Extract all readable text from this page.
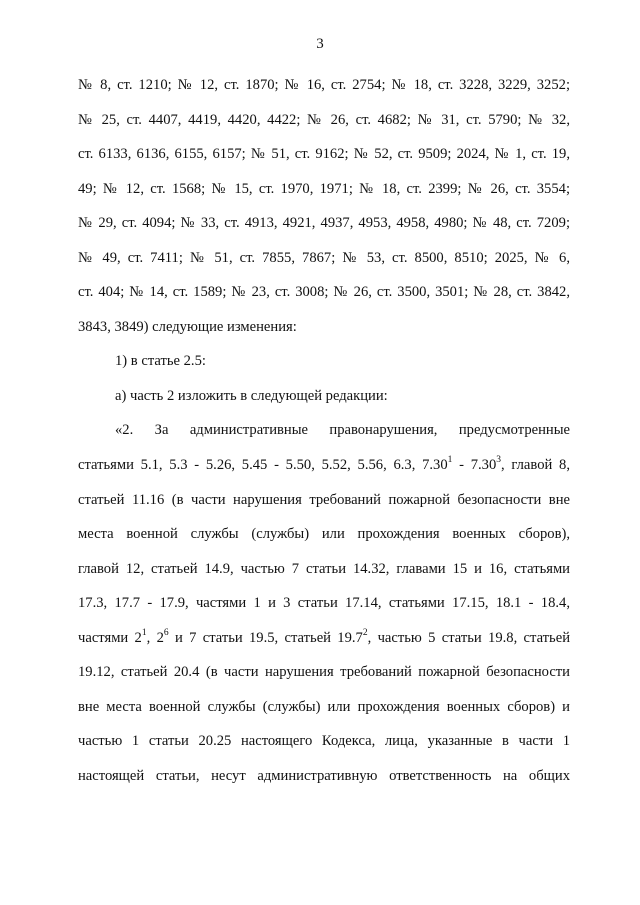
3
№ 8, ст. 1210; № 12, ст. 1870; № 16, ст. 2754; № 18, ст. 3228, 3229, 3252;
№ 25, ст. 4407, 4419, 4420, 4422; № 26, ст. 4682; № 31, ст. 5790; № 32,
ст. 6133, 6136, 6155, 6157; № 51, ст. 9162; № 52, ст. 9509; 2024, № 1, ст. 19,
49; № 12, ст. 1568; № 15, ст. 1970, 1971; № 18, ст. 2399; № 26, ст. 3554;
№ 29, ст. 4094; № 33, ст. 4913, 4921, 4937, 4953, 4958, 4980; № 48, ст. 7209;
№ 49, ст. 7411; № 51, ст. 7855, 7867; № 53, ст. 8500, 8510; 2025, № 6,
ст. 404; № 14, ст. 1589; № 23, ст. 3008; № 26, ст. 3500, 3501; № 28, ст. 3842,
3843, 3849) следующие изменения:
1) в статье 2.5:
а) часть 2 изложить в следующей редакции:
«2. За административные правонарушения, предусмотренные
статьями 5.1, 5.3 - 5.26, 5.45 - 5.50, 5.52, 5.56, 6.3, 7.30$^1$ - 7.30$^3$, главой 8,
статьей 11.16 (в части нарушения требований пожарной безопасности вне
места военной службы (службы) или прохождения военных сборов),
главой 12, статьей 14.9, частью 7 статьи 14.32, главами 15 и 16, статьями
17.3, 17.7 - 17.9, частями 1 и 3 статьи 17.14, статьями 17.15, 18.1 - 18.4,
частями $2^1$, $2^6$ и 7 статьи 19.5, статьей 19.7$^2$, частью 5 статьи 19.8, статьей
19.12, статьей 20.4 (в части нарушения требований пожарной безопасности
вне места военной службы (службы) или прохождения военных сборов) и
частью 1 статьи 20.25 настоящего Кодекса, лица, указанные в части 1
настоящей статьи, несут административную ответственность на общих
